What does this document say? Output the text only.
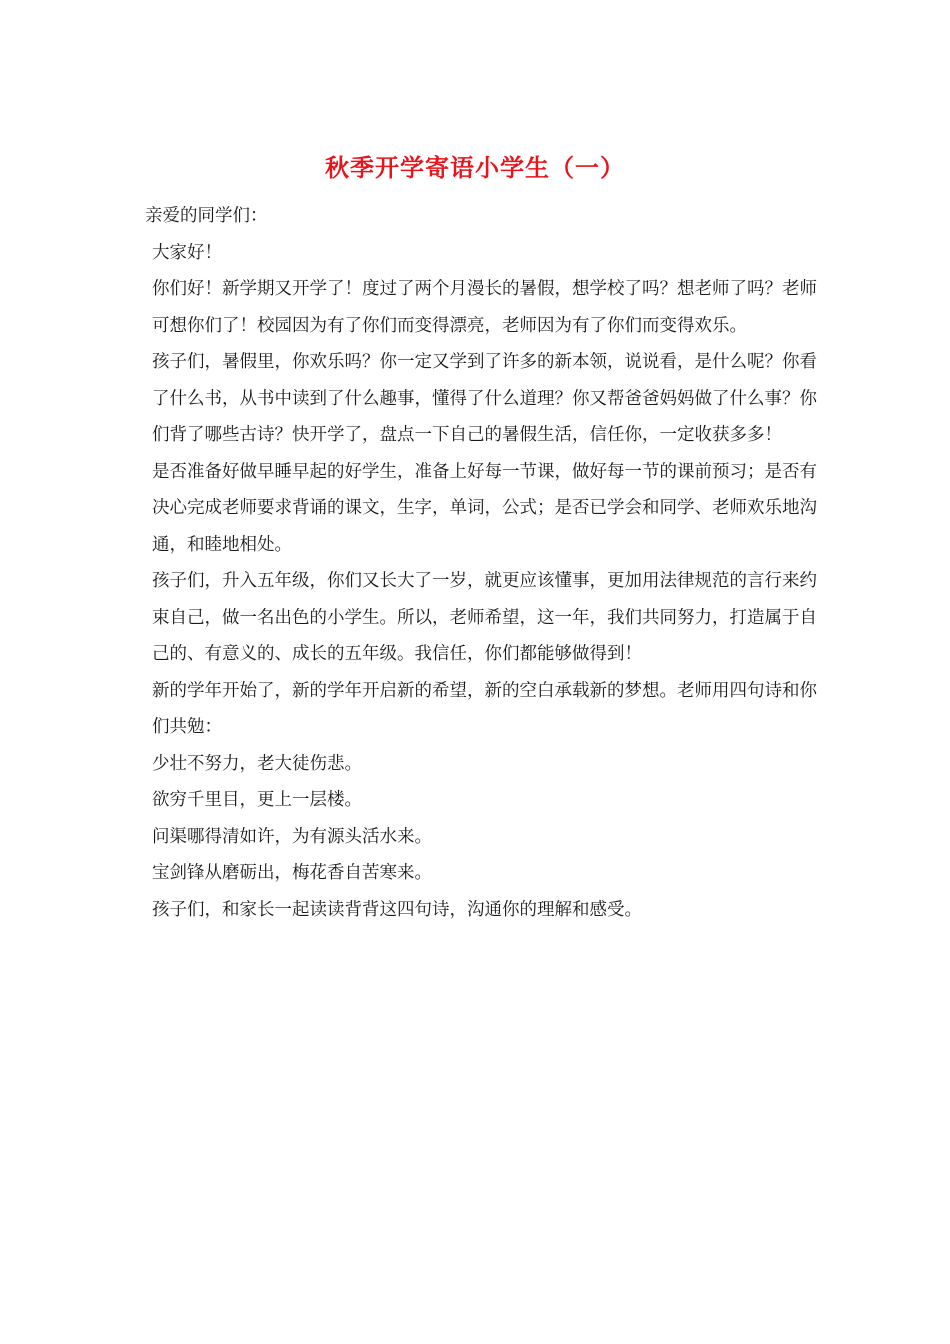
秋季开学寄语小学生（一）

亲爱的同学们：

大家好！

你们好！新学期又开学了！度过了两个月漫长的暑假，想学校了吗？想老师了吗？老师可想你们了！校园因为有了你们而变得漂亮，老师因为有了你们而变得欢乐。

孩子们，暑假里，你欢乐吗？你一定又学到了许多的新本领，说说看，是什么呢？你看了什么书，从书中读到了什么趣事，懂得了什么道理？你又帮爸爸妈妈做了什么事？你们背了哪些古诗？快开学了，盘点一下自己的暑假生活，信任你，一定收获多多！

是否准备好做早睡早起的好学生，准备上好每一节课，做好每一节的课前预习；是否有决心完成老师要求背诵的课文，生字，单词，公式；是否已学会和同学、老师欢乐地沟通，和睦地相处。

孩子们，升入五年级，你们又长大了一岁，就更应该懂事，更加用法律规范的言行来约束自己，做一名出色的小学生。所以，老师希望，这一年，我们共同努力，打造属于自己的、有意义的、成长的五年级。我信任，你们都能够做得到！

新的学年开始了，新的学年开启新的希望，新的空白承载新的梦想。老师用四句诗和你们共勉：

少壮不努力，老大徒伤悲。

欲穷千里目，更上一层楼。

问渠哪得清如许，为有源头活水来。

宝剑锋从磨砺出，梅花香自苦寒来。

孩子们，和家长一起读读背背这四句诗，沟通你的理解和感受。
